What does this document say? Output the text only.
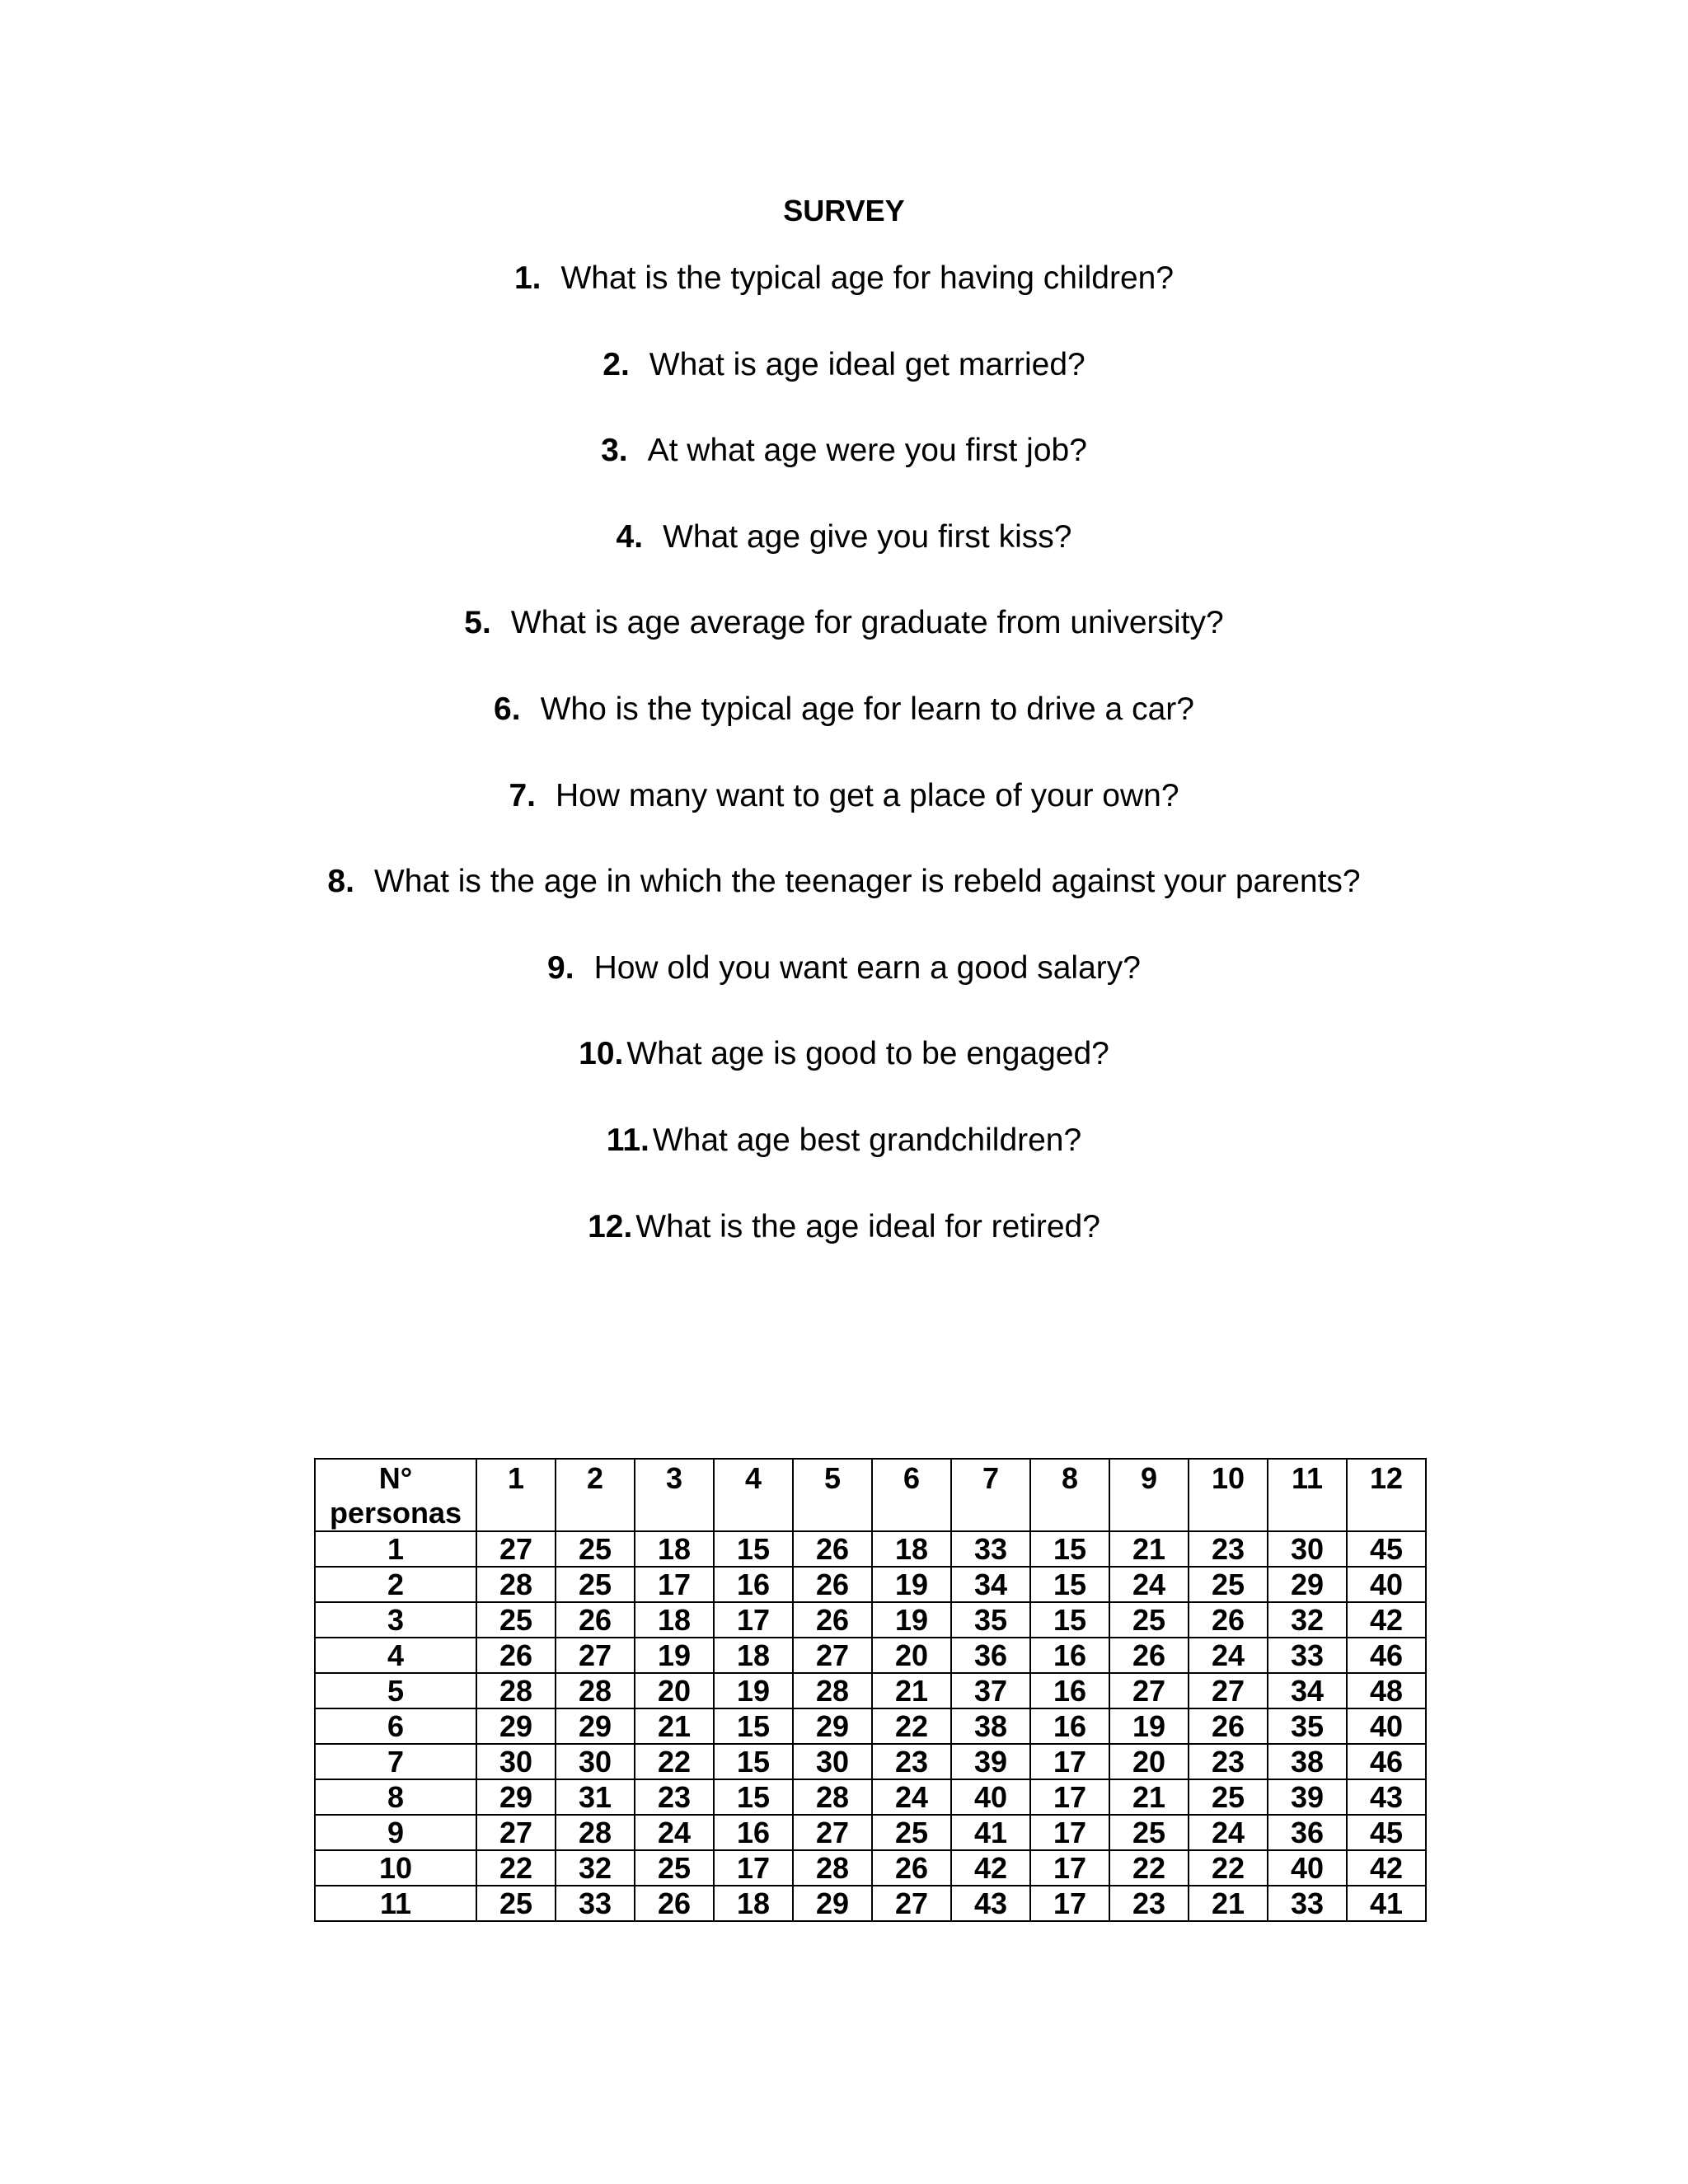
SURVEY
1. What is the typical age for having children?
2. What is age ideal get married?
3. At what age were you first job?
4. What age give you first kiss?
5. What is age average for graduate from university?
6. Who is the typical age for learn to drive a car?
7. How many want to get a place of your own?
8. What is the age in which the teenager is rebeld against your parents?
9. How old you want earn a good salary?
10. What age is good to be engaged?
11. What age best grandchildren?
12. What is the age ideal for retired?
N°
personas	1	2	3	4	5	6	7	8	9	10	11	12
1	27	25	18	15	26	18	33	15	21	23	30	45
2	28	25	17	16	26	19	34	15	24	25	29	40
3	25	26	18	17	26	19	35	15	25	26	32	42
4	26	27	19	18	27	20	36	16	26	24	33	46
5	28	28	20	19	28	21	37	16	27	27	34	48
6	29	29	21	15	29	22	38	16	19	26	35	40
7	30	30	22	15	30	23	39	17	20	23	38	46
8	29	31	23	15	28	24	40	17	21	25	39	43
9	27	28	24	16	27	25	41	17	25	24	36	45
10	22	32	25	17	28	26	42	17	22	22	40	42
11	25	33	26	18	29	27	43	17	23	21	33	41
